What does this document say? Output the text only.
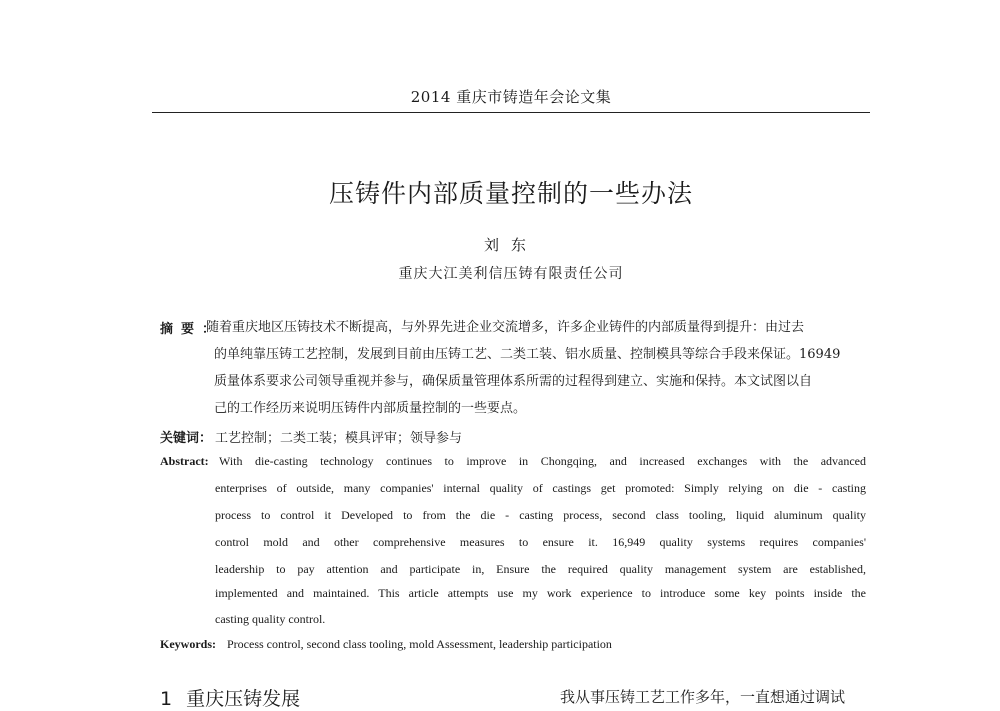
2014 重庆市铸造年会论文集
压铸件内部质量控制的一些办法
刘东
重庆大江美利信压铸有限责任公司
摘要：
随着重庆地区压铸技术不断提高，与外界先进企业交流增多，许多企业铸件的内部质量得到提升：由过去
的单纯靠压铸工艺控制，发展到目前由压铸工艺、二类工装、铝水质量、控制模具等综合手段来保证。16949
质量体系要求公司领导重视并参与，确保质量管理体系所需的过程得到建立、实施和保持。本文试图以自
己的工作经历来说明压铸件内部质量控制的一些要点。
关键词： 工艺控制；二类工装；模具评审；领导参与
Abstract: With die-casting technology continues to improve in Chongqing, and increased exchanges with the advanced
enterprises of outside, many companies' internal quality of castings get promoted: Simply relying on die - casting
process to control it Developed to from the die - casting process, second class tooling, liquid aluminum quality
control mold and other comprehensive measures to ensure it. 16,949 quality systems requires companies'
leadership to pay attention and participate in, Ensure the required quality management system are established,
implemented and maintained. This article attempts use my work experience to introduce some key points inside the
casting quality control.
Keywords: Process control, second class tooling, mold Assessment, leadership participation
1 重庆压铸发展	我从事压铸工艺工作多年，一直想通过调试
